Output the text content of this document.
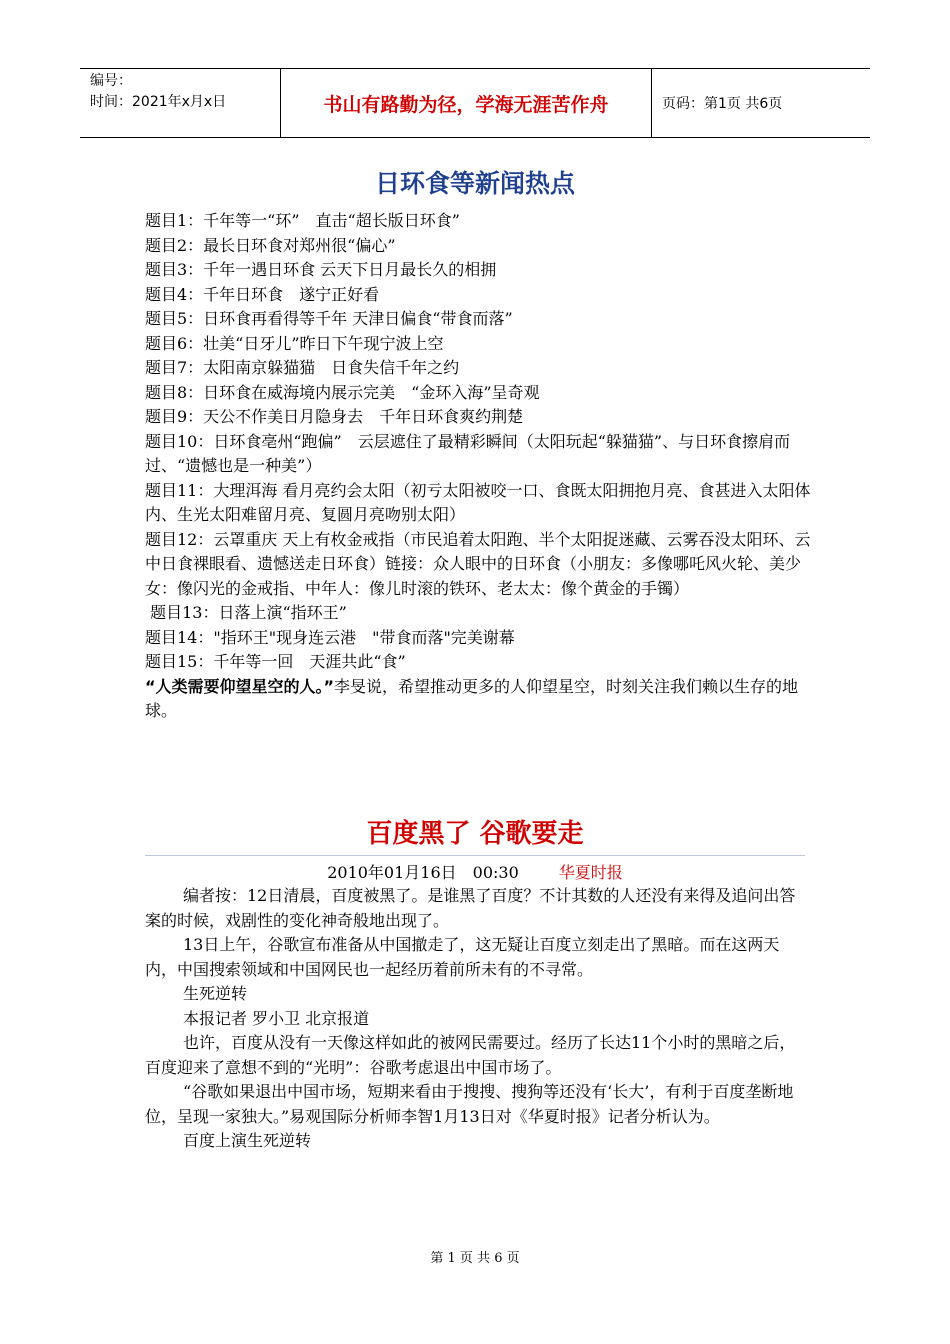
编号：
时间：2021年x月x日	书山有路勤为径，学海无涯苦作舟	页码：第1页 共6页
日环食等新闻热点
题目1：千年等一“环”　直击“超长版日环食”
题目2：最长日环食对郑州很“偏心”
题目3：千年一遇日环食 云天下日月最长久的相拥
题目4：千年日环食　遂宁正好看
题目5：日环食再看得等千年 天津日偏食“带食而落”
题目6：壮美“日牙儿”昨日下午现宁波上空
题目7：太阳南京躲猫猫　日食失信千年之约
题目8：日环食在威海境内展示完美　“金环入海”呈奇观
题目9：天公不作美日月隐身去　千年日环食爽约荆楚
题目10：日环食亳州“跑偏”　云层遮住了最精彩瞬间（太阳玩起“躲猫猫”、与日环食擦肩而过、“遗憾也是一种美”）
题目11：大理洱海 看月亮约会太阳（初亏太阳被咬一口、食既太阳拥抱月亮、食甚进入太阳体内、生光太阳难留月亮、复圆月亮吻别太阳）
题目12：云罩重庆 天上有枚金戒指（市民追着太阳跑、半个太阳捉迷藏、云雾吞没太阳环、云中日食裸眼看、遗憾送走日环食）链接：众人眼中的日环食（小朋友：多像哪吒风火轮、美少女：像闪光的金戒指、中年人：像儿时滚的铁环、老太太：像个黄金的手镯）
题目13：日落上演“指环王”
题目14："指环王"现身连云港　"带食而落"完美谢幕
题目15：千年等一回　天涯共此“食”
“人类需要仰望星空的人。”李旻说，希望推动更多的人仰望星空，时刻关注我们赖以生存的地球。
百度黑了 谷歌要走
2010年01月16日　00:30	华夏时报
编者按：12日清晨，百度被黑了。是谁黑了百度？不计其数的人还没有来得及追问出答案的时候，戏剧性的变化神奇般地出现了。
13日上午，谷歌宣布准备从中国撤走了，这无疑让百度立刻走出了黑暗。而在这两天内，中国搜索领域和中国网民也一起经历着前所未有的不寻常。
生死逆转
本报记者 罗小卫 北京报道
也许，百度从没有一天像这样如此的被网民需要过。经历了长达11个小时的黑暗之后，百度迎来了意想不到的“光明”：谷歌考虑退出中国市场了。
“谷歌如果退出中国市场，短期来看由于搜搜、搜狗等还没有‘长大’，有利于百度垄断地位，呈现一家独大。”易观国际分析师李智1月13日对《华夏时报》记者分析认为。
百度上演生死逆转
第 1 页 共 6 页
